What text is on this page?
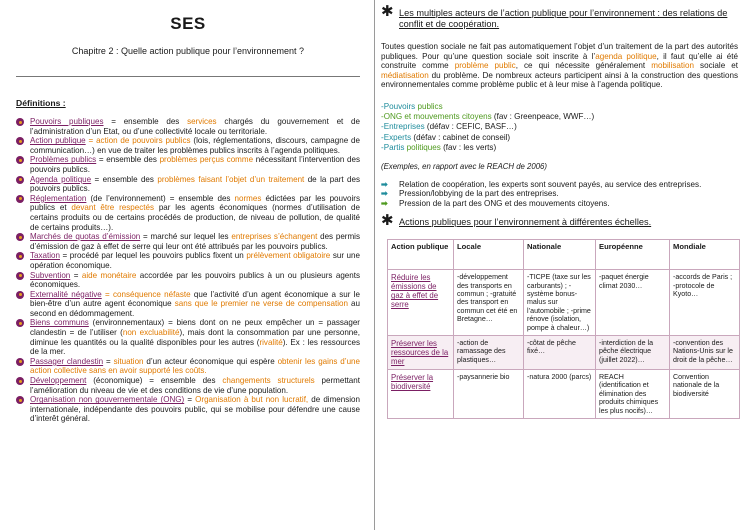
SES
Chapitre 2 : Quelle action publique pour l’environnement ?
Définitions :
Pouvoirs publiques = ensemble des services chargés du gouvernement et de l’administration d’un Etat, ou d’une collectivité locale ou territoriale.
Action publique = action de pouvoirs publics (lois, réglementations, discours, campagne de communication…) en vue de traiter les problèmes publics inscrits à l’agenda politiques.
Problèmes publics = ensemble des problèmes perçus comme nécessitant l’intervention des pouvoirs publics.
Agenda politique = ensemble des problèmes faisant l’objet d’un traitement de la part des pouvoirs publics.
Réglementation (de l’environnement) = ensemble des normes édictées par les pouvoirs publics et devant être respectés par les agents économiques (normes d’utilisation de certains produits ou de certains procédés de production, de niveau de pollution, de qualité de certains produits…).
Marchés de quotas d’émission = marché sur lequel les entreprises s’échangent des permis d’émission de gaz à effet de serre qui leur ont été attribués par les pouvoirs publics.
Taxation = procédé par lequel les pouvoirs publics fixent un prélèvement obligatoire sur une opération économique.
Subvention = aide monétaire accordée par les pouvoirs publics à un ou plusieurs agents économiques.
Externalité négative = conséquence néfaste que l’activité d’un agent économique a sur le bien-être d’un autre agent économique sans que le premier ne verse de compensation au second en dédommagement.
Biens communs (environnementaux) = biens dont on ne peux empêcher un = passager clandestin = de l’utiliser (non excluabilité), mais dont la consommation par une personne, diminue les quantités ou la qualité disponibles pour les autres (rivalité). Ex : les ressources de la mer.
Passager clandestin = situation d’un acteur économique qui espère obtenir les gains d’une action collective sans en avoir supporté les coûts.
Développement (économique) = ensemble des changements structurels permettant l’amélioration du niveau de vie et des conditions de vie d’une population.
Organisation non gouvernementale (ONG) = Organisation à but non lucratif, de dimension internationale, indépendante des pouvoirs public, qui se mobilise pour défendre une cause d’interêt général.
✱ Les multiples acteurs de l’action publique pour l’environnement : des relations de conflit et de coopération.

Toutes question sociale ne fait pas automatiquement l’objet d’un traitement de la part des autorités publiques. Pour qu’une question sociale soit inscrite à l’agenda politique, il faut qu’elle ai été construite comme problème public, ce qui nécessite généralement mobilisation sociale et médiatisation du problème. De nombreux acteurs participent ainsi à la construction des questions environnementales comme problème public et à leur mise à l’agenda politique.

-Pouvoirs publics
-ONG et mouvements citoyens (fav : Greenpeace, WWF…)
-Entreprises (défav : CEFIC, BASF…)
-Experts (défav : cabinet de conseil)
-Partis politiques (fav : les verts)

(Exemples, en rapport avec le REACH de 2006)

➡ Relation de coopération, les experts sont souvent payés, au service des entreprises.
➡ Pression/lobbying de la part des entreprises.
➡ Pression de la part des ONG et des mouvements citoyens.
✱ Actions publiques pour l’environnement à différentes échelles.
Action publique	Locale	Nationale	Européenne	Mondiale
Réduire les émissions de gaz à effet de serre	-développement des transports en commun ; -gratuité des transport en commun cet été en Bretagne…	-TICPE (taxe sur les carburants) ; -système bonus-malus sur l’automobile ; -prime rénove (isolation, pompe à chaleur…)	-paquet énergie climat 2030…	-accords de Paris ; -protocole de Kyoto…
Préserver les ressources de la mer	-action de ramassage des plastiques…	-côtat de pêche fixé…	-interdiction de la pêche électrique (juillet 2022)…	-convention des Nations-Unis sur le droit de la pêche…
Préserver la biodiversité	-paysannerie bio	-natura 2000 (parcs)	REACH (identification et élimination des produits chimiques les plus nocifs)…	Convention nationale de la biodiversité
